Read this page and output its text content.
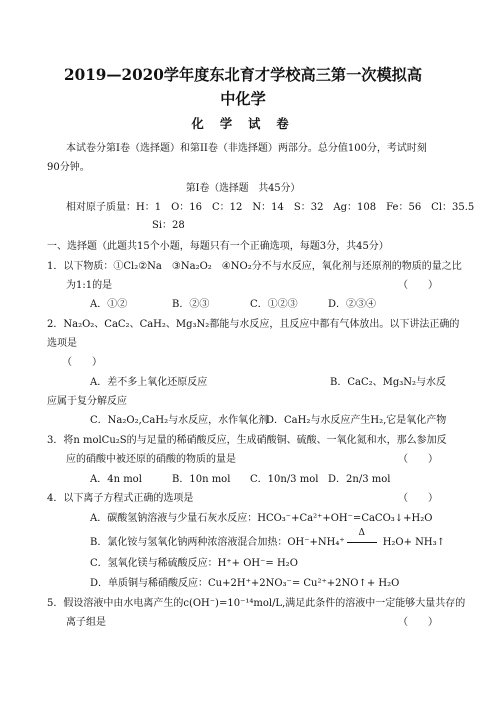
2019—2020学年度东北育才学校高三第一次模拟高
中化学
化 学 试 卷
本试卷分第I卷（选择题）和第II卷（非选择题）两部分。总分值100分，考试时刻
90分钟。
第I卷（选择题　共45分）
相对原子质量：H：1　O：16　C：12　N：14　S：32　Ag：108　Fe：56　Cl：35.5
Si：28
一、选择题（此题共15个小题，每题只有一个正确选项，每题3分，共45分）
1．以下物质：①Cl₂②Na　③Na₂O₂　④NO₂分不与水反应，氧化剂与还原剂的物质的量之比
为1:1的是	（　　）
A．①②	B．②③	C．①②③	D．②③④
2．Na₂O₂、CaC₂、CaH₂、Mg₃N₂都能与水反应，且反应中都有气体放出。以下讲法正确的
选项是
（　　）
A．差不多上氧化还原反应	B．CaC₂、Mg₃N₂与水反
应属于复分解反应
C．Na₂O₂,CaH₂与水反应，水作氧化剂
D．CaH₂与水反应产生H₂,它是氧化产物
3．将n molCu₂S的与足量的稀硝酸反应，生成硝酸铜、硫酸、一氧化氮和水，那么参加反
应的硝酸中被还原的硝酸的物质的量是	（　　）
A．4n mol	B．10n mol C．10n/3 mol D．2n/3 mol
4．以下离子方程式正确的选项是	（　　）
A．碳酸氢钠溶液与少量石灰水反应：HCO₃⁻+Ca²⁺+OH⁻=CaCO₃↓+H₂O
B．氯化铵与氢氧化钠两种浓溶液混合加热：OH⁻+NH₄⁺
Δ
H₂O+ NH₃↑
C．氢氧化镁与稀硫酸反应：H⁺+ OH⁻= H₂O
D．单质铜与稀硝酸反应：Cu+2H⁺+2NO₃⁻= Cu²⁺+2NO↑+ H₂O
5．假设溶液中由水电离产生的c(OH⁻)=10⁻¹⁴mol/L,满足此条件的溶液中一定能够大量共存的
离子组是	（　　）
